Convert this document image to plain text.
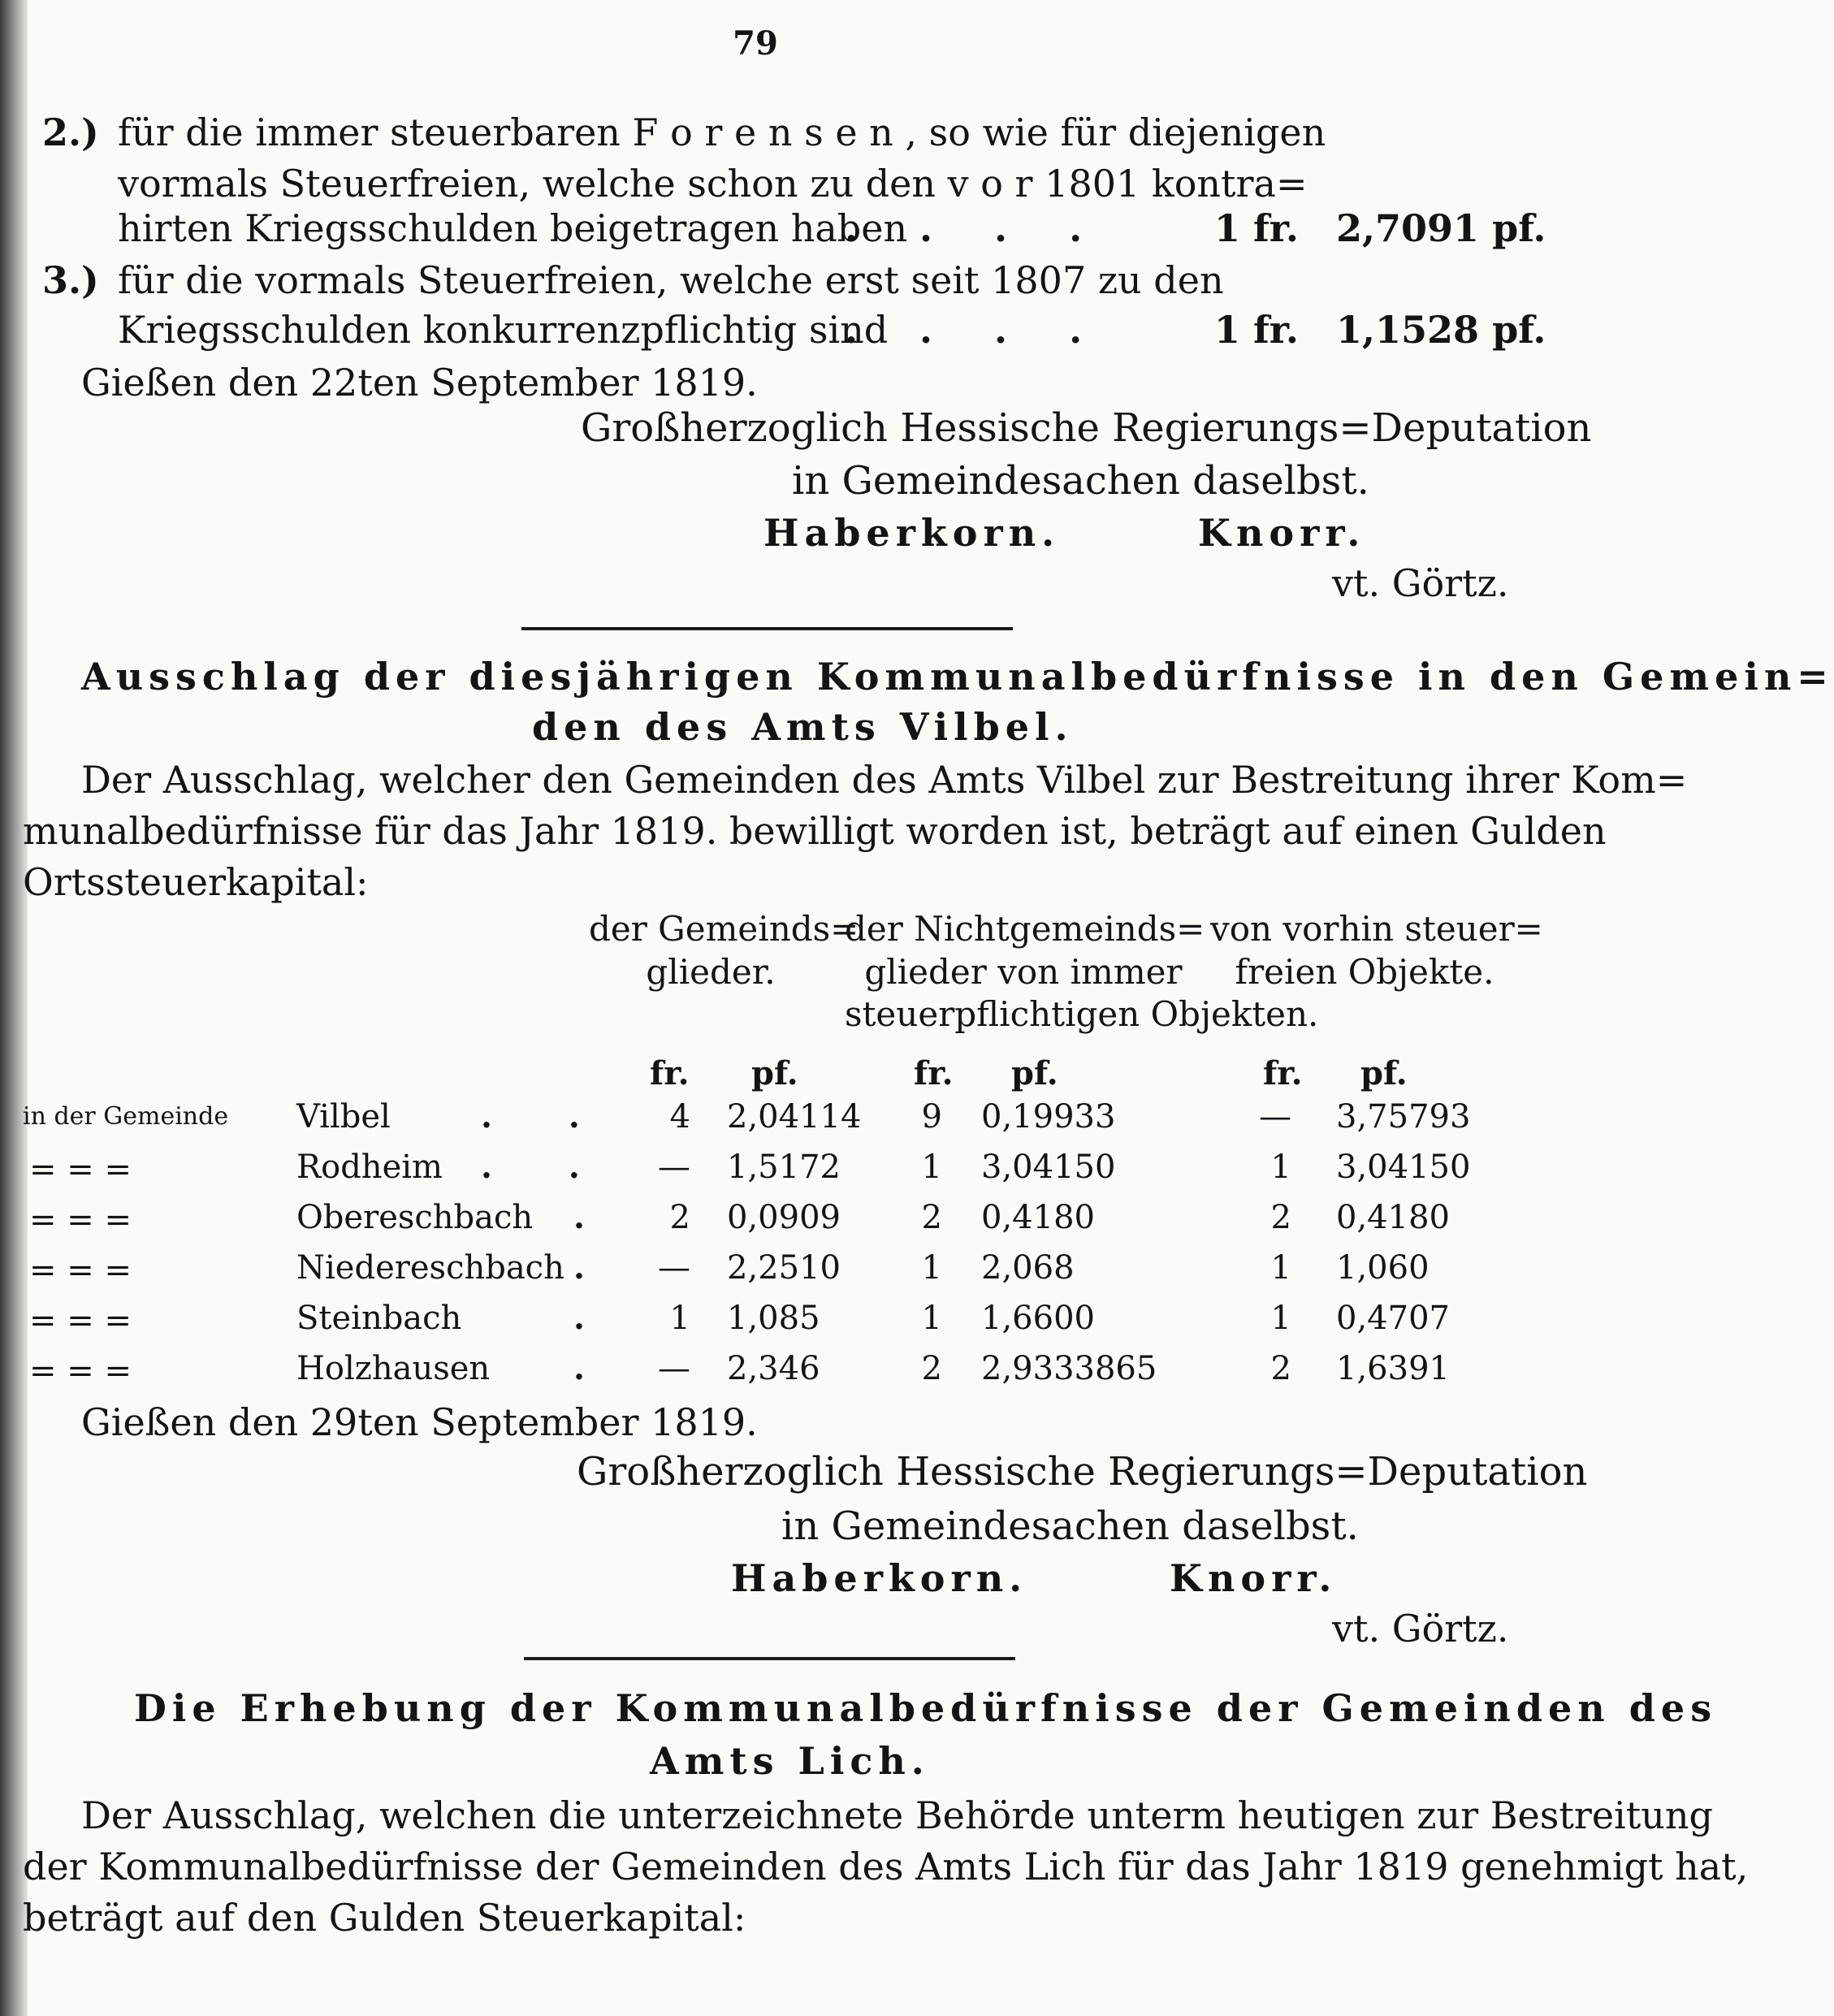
79
2.) für die immer steuerbaren F o r e n s e n , so wie für diejenigen
vormals Steuerfreien, welche schon zu den v o r 1801 kontra=
hirten Kriegsschulden beigetragen haben
. . . .	1 fr. 2,7091 pf.
3.) für die vormals Steuerfreien, welche erst seit 1807 zu den
Kriegsschulden konkurrenzpflichtig sind
. . . .	1 fr. 1,1528 pf.
Gießen den 22ten September 1819.
Großherzoglich Hessische Regierungs=Deputation
in Gemeindesachen daselbst.
Haberkorn.	Knorr.
vt. Görtz.
Ausschlag der diesjährigen Kommunalbedürfnisse in den Gemein=
den des Amts Vilbel.
Der Ausschlag, welcher den Gemeinden des Amts Vilbel zur Bestreitung ihrer Kom=
munalbedürfnisse für das Jahr 1819. bewilligt worden ist, beträgt auf einen Gulden
Ortssteuerkapital:
der Gemeinds=
glieder.
der Nichtgemeinds=
glieder von immer
steuerpflichtigen Objekten.
von vorhin steuer=
freien Objekte.
fr. pf.	fr. pf.	fr. pf.
in der Gemeinde Vilbel	. .	4 2,04114	9 0,19933	— 3,75793
= = =	Rodheim . .	— 1,5172	1 3,04150	1 3,04150
= = =	Obereschbach .	2 0,0909	2 0,4180	2 0,4180
= = =	Niedereschbach .	— 2,2510	1 2,068	1 1,060
= = =	Steinbach	.	1 1,085	1 1,6600	1 0,4707
= = =	Holzhausen	.	— 2,346	2 2,9333865	2 1,6391
Gießen den 29ten September 1819.
Großherzoglich Hessische Regierungs=Deputation
in Gemeindesachen daselbst.
Haberkorn.	Knorr.
vt. Görtz.
Die Erhebung der Kommunalbedürfnisse der Gemeinden des
Amts Lich.
Der Ausschlag, welchen die unterzeichnete Behörde unterm heutigen zur Bestreitung
der Kommunalbedürfnisse der Gemeinden des Amts Lich für das Jahr 1819 genehmigt hat,
beträgt auf den Gulden Steuerkapital:
